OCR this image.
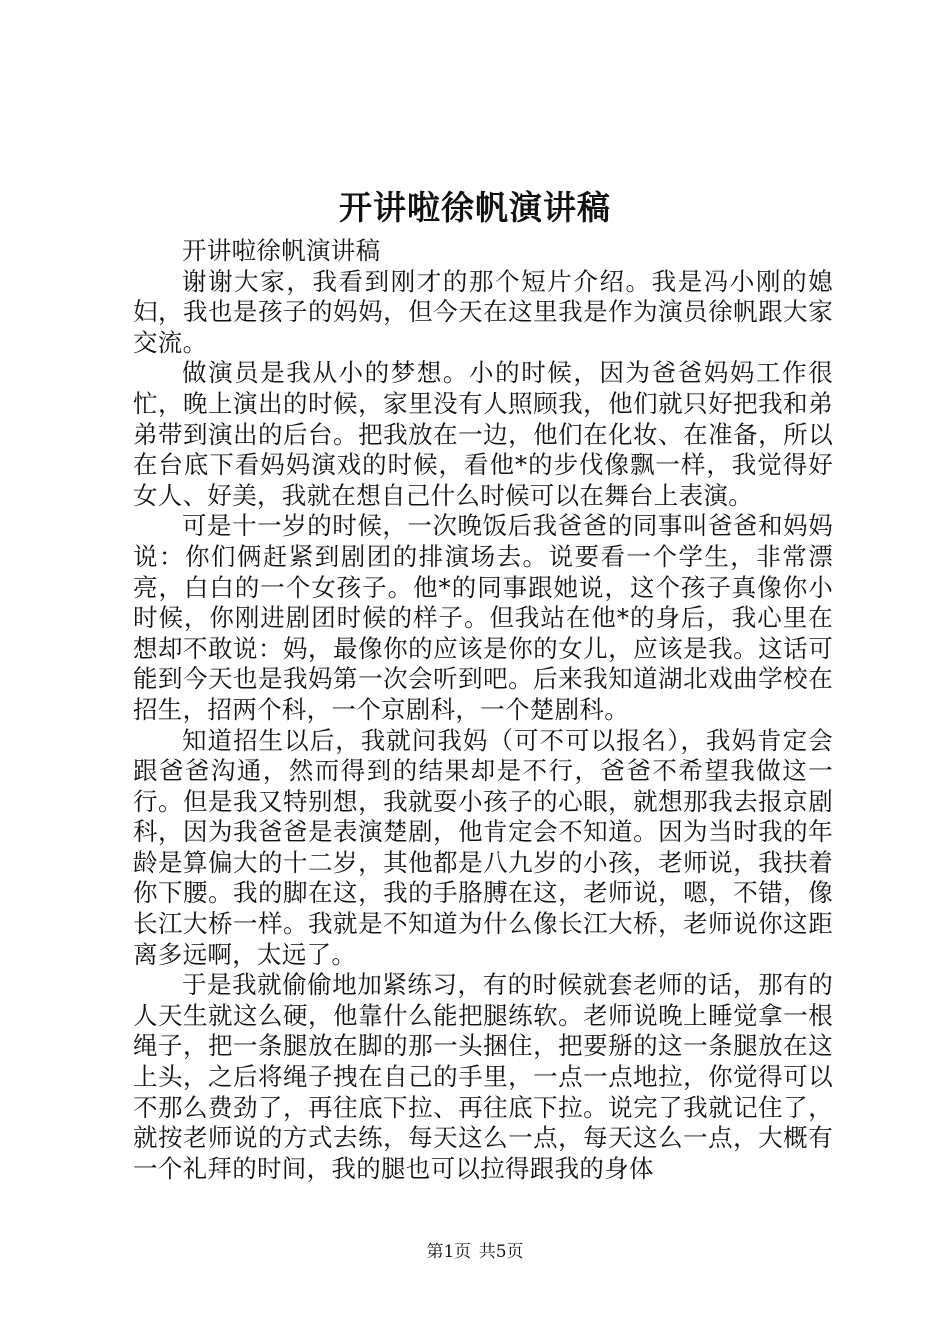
开讲啦徐帆演讲稿

开讲啦徐帆演讲稿

谢谢大家，我看到刚才的那个短片介绍。我是冯小刚的媳妇，我也是孩子的妈妈，但今天在这里我是作为演员徐帆跟大家交流。

做演员是我从小的梦想。小的时候，因为爸爸妈妈工作很忙，晚上演出的时候，家里没有人照顾我，他们就只好把我和弟弟带到演出的后台。把我放在一边，他们在化妆、在准备，所以在台底下看妈妈演戏的时候，看他*的步伐像飘一样，我觉得好女人、好美，我就在想自己什么时候可以在舞台上表演。

可是十一岁的时候，一次晚饭后我爸爸的同事叫爸爸和妈妈说：你们俩赶紧到剧团的排演场去。说要看一个学生，非常漂亮，白白的一个女孩子。他*的同事跟她说，这个孩子真像你小时候，你刚进剧团时候的样子。但我站在他*的身后，我心里在想却不敢说：妈，最像你的应该是你的女儿，应该是我。这话可能到今天也是我妈第一次会听到吧。后来我知道湖北戏曲学校在招生，招两个科，一个京剧科，一个楚剧科。

知道招生以后，我就问我妈（可不可以报名），我妈肯定会跟爸爸沟通，然而得到的结果却是不行，爸爸不希望我做这一行。但是我又特别想，我就耍小孩子的心眼，就想那我去报京剧科，因为我爸爸是表演楚剧，他肯定会不知道。因为当时我的年龄是算偏大的十二岁，其他都是八九岁的小孩，老师说，我扶着你下腰。我的脚在这，我的手胳膊在这，老师说，嗯，不错，像长江大桥一样。我就是不知道为什么像长江大桥，老师说你这距离多远啊，太远了。

于是我就偷偷地加紧练习，有的时候就套老师的话，那有的人天生就这么硬，他靠什么能把腿练软。老师说晚上睡觉拿一根绳子，把一条腿放在脚的那一头捆住，把要掰的这一条腿放在这上头，之后将绳子拽在自己的手里，一点一点地拉，你觉得可以不那么费劲了，再往底下拉、再往底下拉。说完了我就记住了，就按老师说的方式去练，每天这么一点，每天这么一点，大概有一个礼拜的时间，我的腿也可以拉得跟我的身体

第1页 共5页
